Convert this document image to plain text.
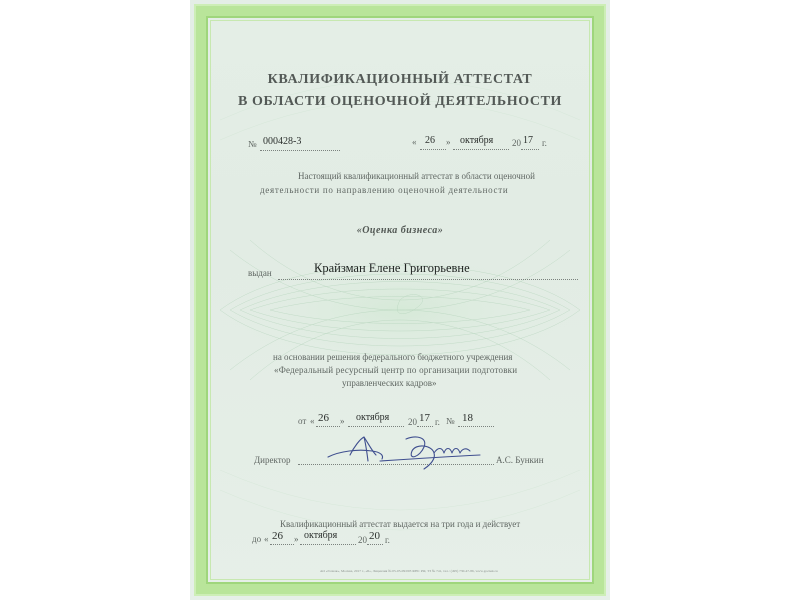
КВАЛИФИКАЦИОННЫЙ АТТЕСТАТ
В ОБЛАСТИ ОЦЕНОЧНОЙ ДЕЯТЕЛЬНОСТИ
№ 000428-3	« 26 » октября 20 17 г.
Настоящий квалификационный аттестат в области оценочной
деятельности по направлению оценочной деятельности
«Оценка бизнеса»
выдан	Крайзман Елене Григорьевне
на основании решения федерального бюджетного учреждения
«Федеральный ресурсный центр по организации подготовки
управленческих кадров»
от « 26 » октября 20 17 г. № 18
Директор	А.С. Бункин
Квалификационный аттестат выдается на три года и действует
до « 26 » октября 20 20 г.
АО «Гознак», Москва, 2017 г., «Б», Лицензия № 05-05-09/003 ФНС РФ, ТЗ № 741, тел.: (495) 730-47-86, www.goznak.ru
